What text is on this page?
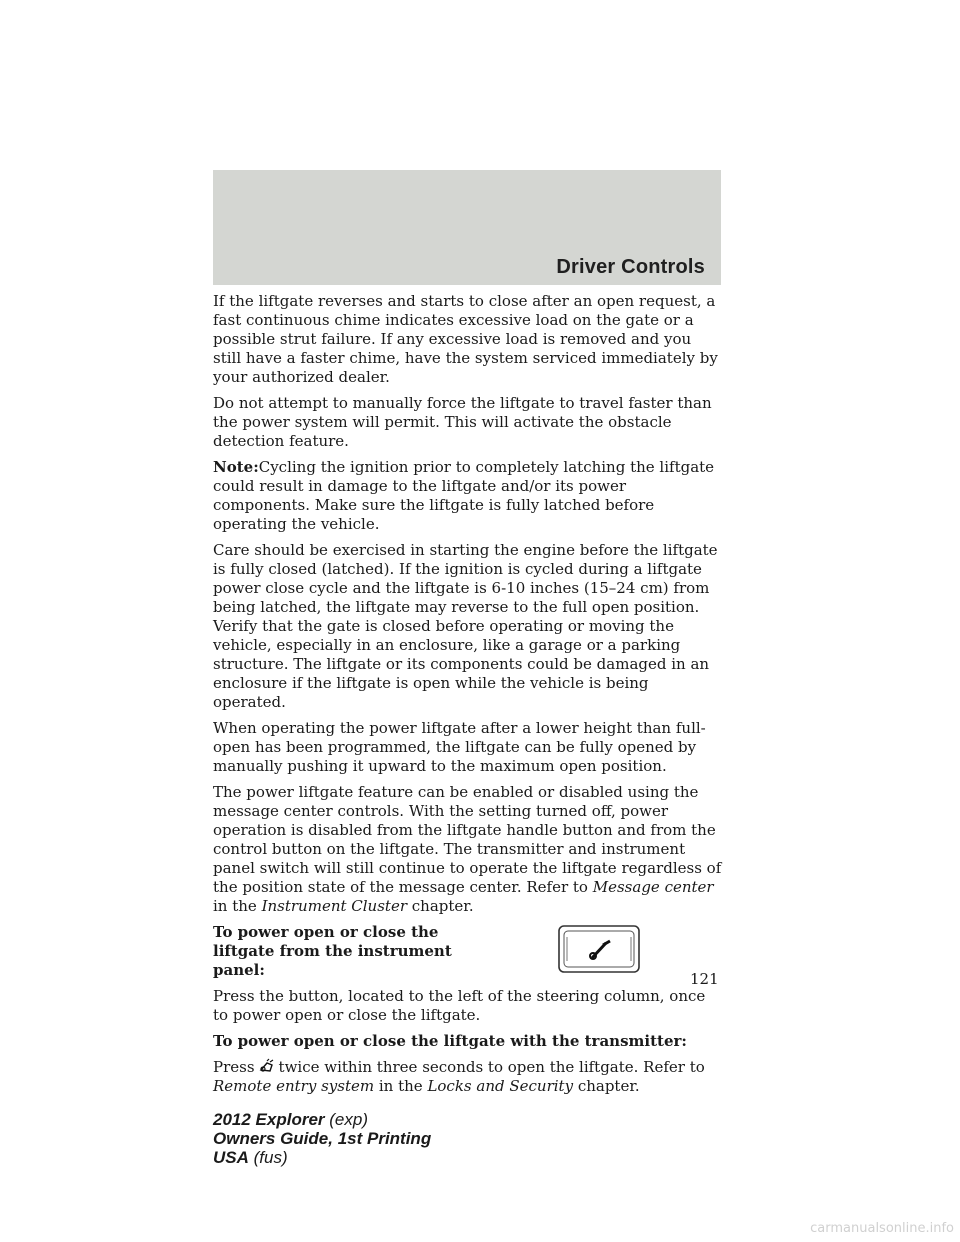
Driver Controls

If the liftgate reverses and starts to close after an open request, a fast continuous chime indicates excessive load on the gate or a possible strut failure. If any excessive load is removed and you still have a faster chime, have the system serviced immediately by your authorized dealer.

Do not attempt to manually force the liftgate to travel faster than the power system will permit. This will activate the obstacle detection feature.

Note:Cycling the ignition prior to completely latching the liftgate could result in damage to the liftgate and/or its power components. Make sure the liftgate is fully latched before operating the vehicle.

Care should be exercised in starting the engine before the liftgate is fully closed (latched). If the ignition is cycled during a liftgate power close cycle and the liftgate is 6-10 inches (15–24 cm) from being latched, the liftgate may reverse to the full open position. Verify that the gate is closed before operating or moving the vehicle, especially in an enclosure, like a garage or a parking structure. The liftgate or its components could be damaged in an enclosure if the liftgate is open while the vehicle is being operated.

When operating the power liftgate after a lower height than full-open has been programmed, the liftgate can be fully opened by manually pushing it upward to the maximum open position.

The power liftgate feature can be enabled or disabled using the message center controls. With the setting turned off, power operation is disabled from the liftgate handle button and from the control button on the liftgate. The transmitter and instrument panel switch will still continue to operate the liftgate regardless of the position state of the message center. Refer to Message center in the Instrument Cluster chapter.

To power open or close the liftgate from the instrument panel:

Press the button, located to the left of the steering column, once to power open or close the liftgate.

To power open or close the liftgate with the transmitter:

Press twice within three seconds to open the liftgate. Refer to
Remote entry system in the Locks and Security chapter.

121
2012 Explorer (exp)
Owners Guide, 1st Printing
USA (fus)
carmanualsonline.info
